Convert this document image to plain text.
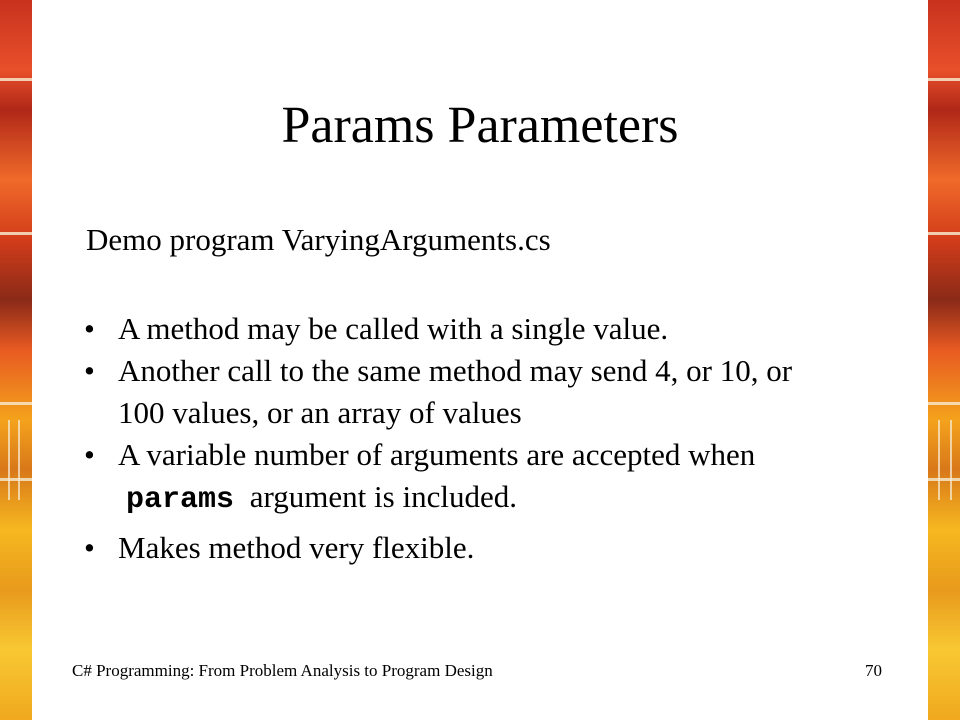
Params Parameters

Demo program VaryingArguments.cs

• A method may be called with a single value.
• Another call to the same method may send 4, or 10, or 100 values, or an array of values
• A variable number of arguments are accepted when params argument is included.
• Makes method very flexible.
C# Programming: From Problem Analysis to Program Design	70
